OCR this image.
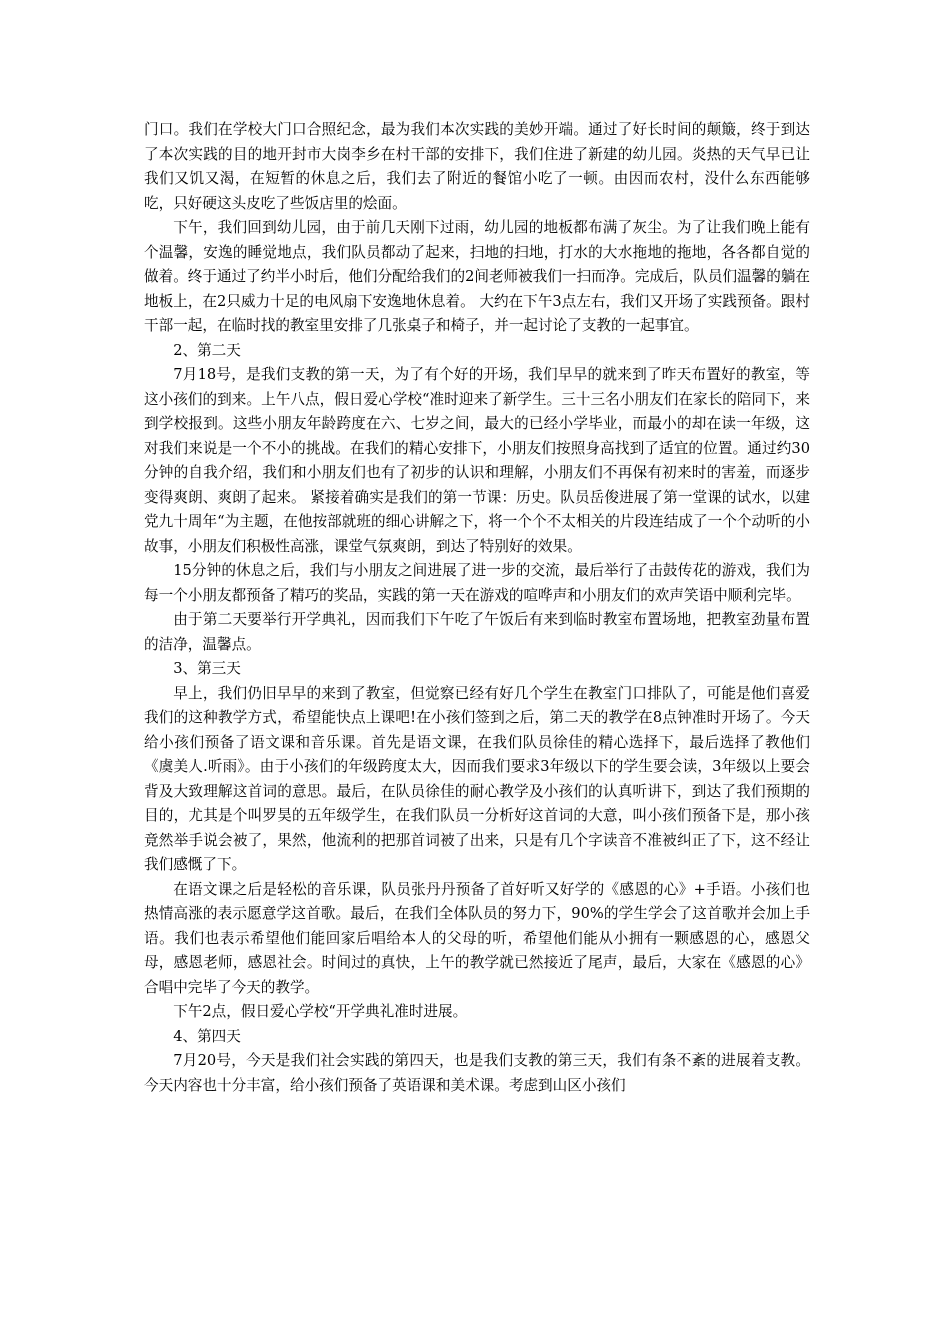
门口。我们在学校大门口合照纪念，最为我们本次实践的美妙开端。通过了好长时间的颠簸，终于到达了本次实践的目的地开封市大岗李乡在村干部的安排下，我们住进了新建的幼儿园。炎热的天气早已让我们又饥又渴，在短暂的休息之后，我们去了附近的餐馆小吃了一顿。由因而农村，没什么东西能够吃，只好硬这头皮吃了些饭店里的烩面。

下午，我们回到幼儿园，由于前几天刚下过雨，幼儿园的地板都布满了灰尘。为了让我们晚上能有个温馨，安逸的睡觉地点，我们队员都动了起来，扫地的扫地，打水的大水拖地的拖地，各各都自觉的做着。终于通过了约半小时后，他们分配给我们的2间老师被我们一扫而净。完成后，队员们温馨的躺在地板上，在2只威力十足的电风扇下安逸地休息着。 大约在下午3点左右，我们又开场了实践预备。跟村干部一起，在临时找的教室里安排了几张桌子和椅子，并一起讨论了支教的一起事宜。

2、第二天

7月18号，是我们支教的第一天，为了有个好的开场，我们早早的就来到了昨天布置好的教室，等这小孩们的到来。上午八点，假日爱心学校“准时迎来了新学生。三十三名小朋友们在家长的陪同下，来到学校报到。这些小朋友年龄跨度在六、七岁之间，最大的已经小学毕业，而最小的却在读一年级，这对我们来说是一个不小的挑战。在我们的精心安排下，小朋友们按照身高找到了适宜的位置。通过约30分钟的自我介绍，我们和小朋友们也有了初步的认识和理解，小朋友们不再保有初来时的害羞，而逐步变得爽朗、爽朗了起来。 紧接着确实是我们的第一节课：历史。队员岳俊进展了第一堂课的试水，以建党九十周年“为主题，在他按部就班的细心讲解之下，将一个个不太相关的片段连结成了一个个动听的小故事，小朋友们积极性高涨，课堂气氛爽朗，到达了特别好的效果。

15分钟的休息之后，我们与小朋友之间进展了进一步的交流，最后举行了击鼓传花的游戏，我们为每一个小朋友都预备了精巧的奖品，实践的第一天在游戏的喧哗声和小朋友们的欢声笑语中顺利完毕。

由于第二天要举行开学典礼，因而我们下午吃了午饭后有来到临时教室布置场地，把教室劲量布置的洁净，温馨点。

3、第三天

早上，我们仍旧早早的来到了教室，但觉察已经有好几个学生在教室门口排队了，可能是他们喜爱我们的这种教学方式，希望能快点上课吧!在小孩们签到之后，第二天的教学在8点钟准时开场了。今天给小孩们预备了语文课和音乐课。首先是语文课，在我们队员徐佳的精心选择下，最后选择了教他们《虞美人.听雨》。由于小孩们的年级跨度太大，因而我们要求3年级以下的学生要会读，3年级以上要会背及大致理解这首词的意思。最后，在队员徐佳的耐心教学及小孩们的认真听讲下，到达了我们预期的目的，尤其是个叫罗昊的五年级学生，在我们队员一分析好这首词的大意，叫小孩们预备下是，那小孩竟然举手说会被了，果然，他流利的把那首词被了出来，只是有几个字读音不准被纠正了下，这不经让我们感慨了下。

在语文课之后是轻松的音乐课，队员张丹丹预备了首好听又好学的《感恩的心》+手语。小孩们也热情高涨的表示愿意学这首歌。最后，在我们全体队员的努力下，90%的学生学会了这首歌并会加上手语。我们也表示希望他们能回家后唱给本人的父母的听，希望他们能从小拥有一颗感恩的心，感恩父母，感恩老师，感恩社会。时间过的真快，上午的教学就已然接近了尾声，最后，大家在《感恩的心》合唱中完毕了今天的教学。

下午2点，假日爱心学校“开学典礼准时进展。

4、第四天

7月20号，今天是我们社会实践的第四天，也是我们支教的第三天，我们有条不紊的进展着支教。今天内容也十分丰富，给小孩们预备了英语课和美术课。考虑到山区小孩们
